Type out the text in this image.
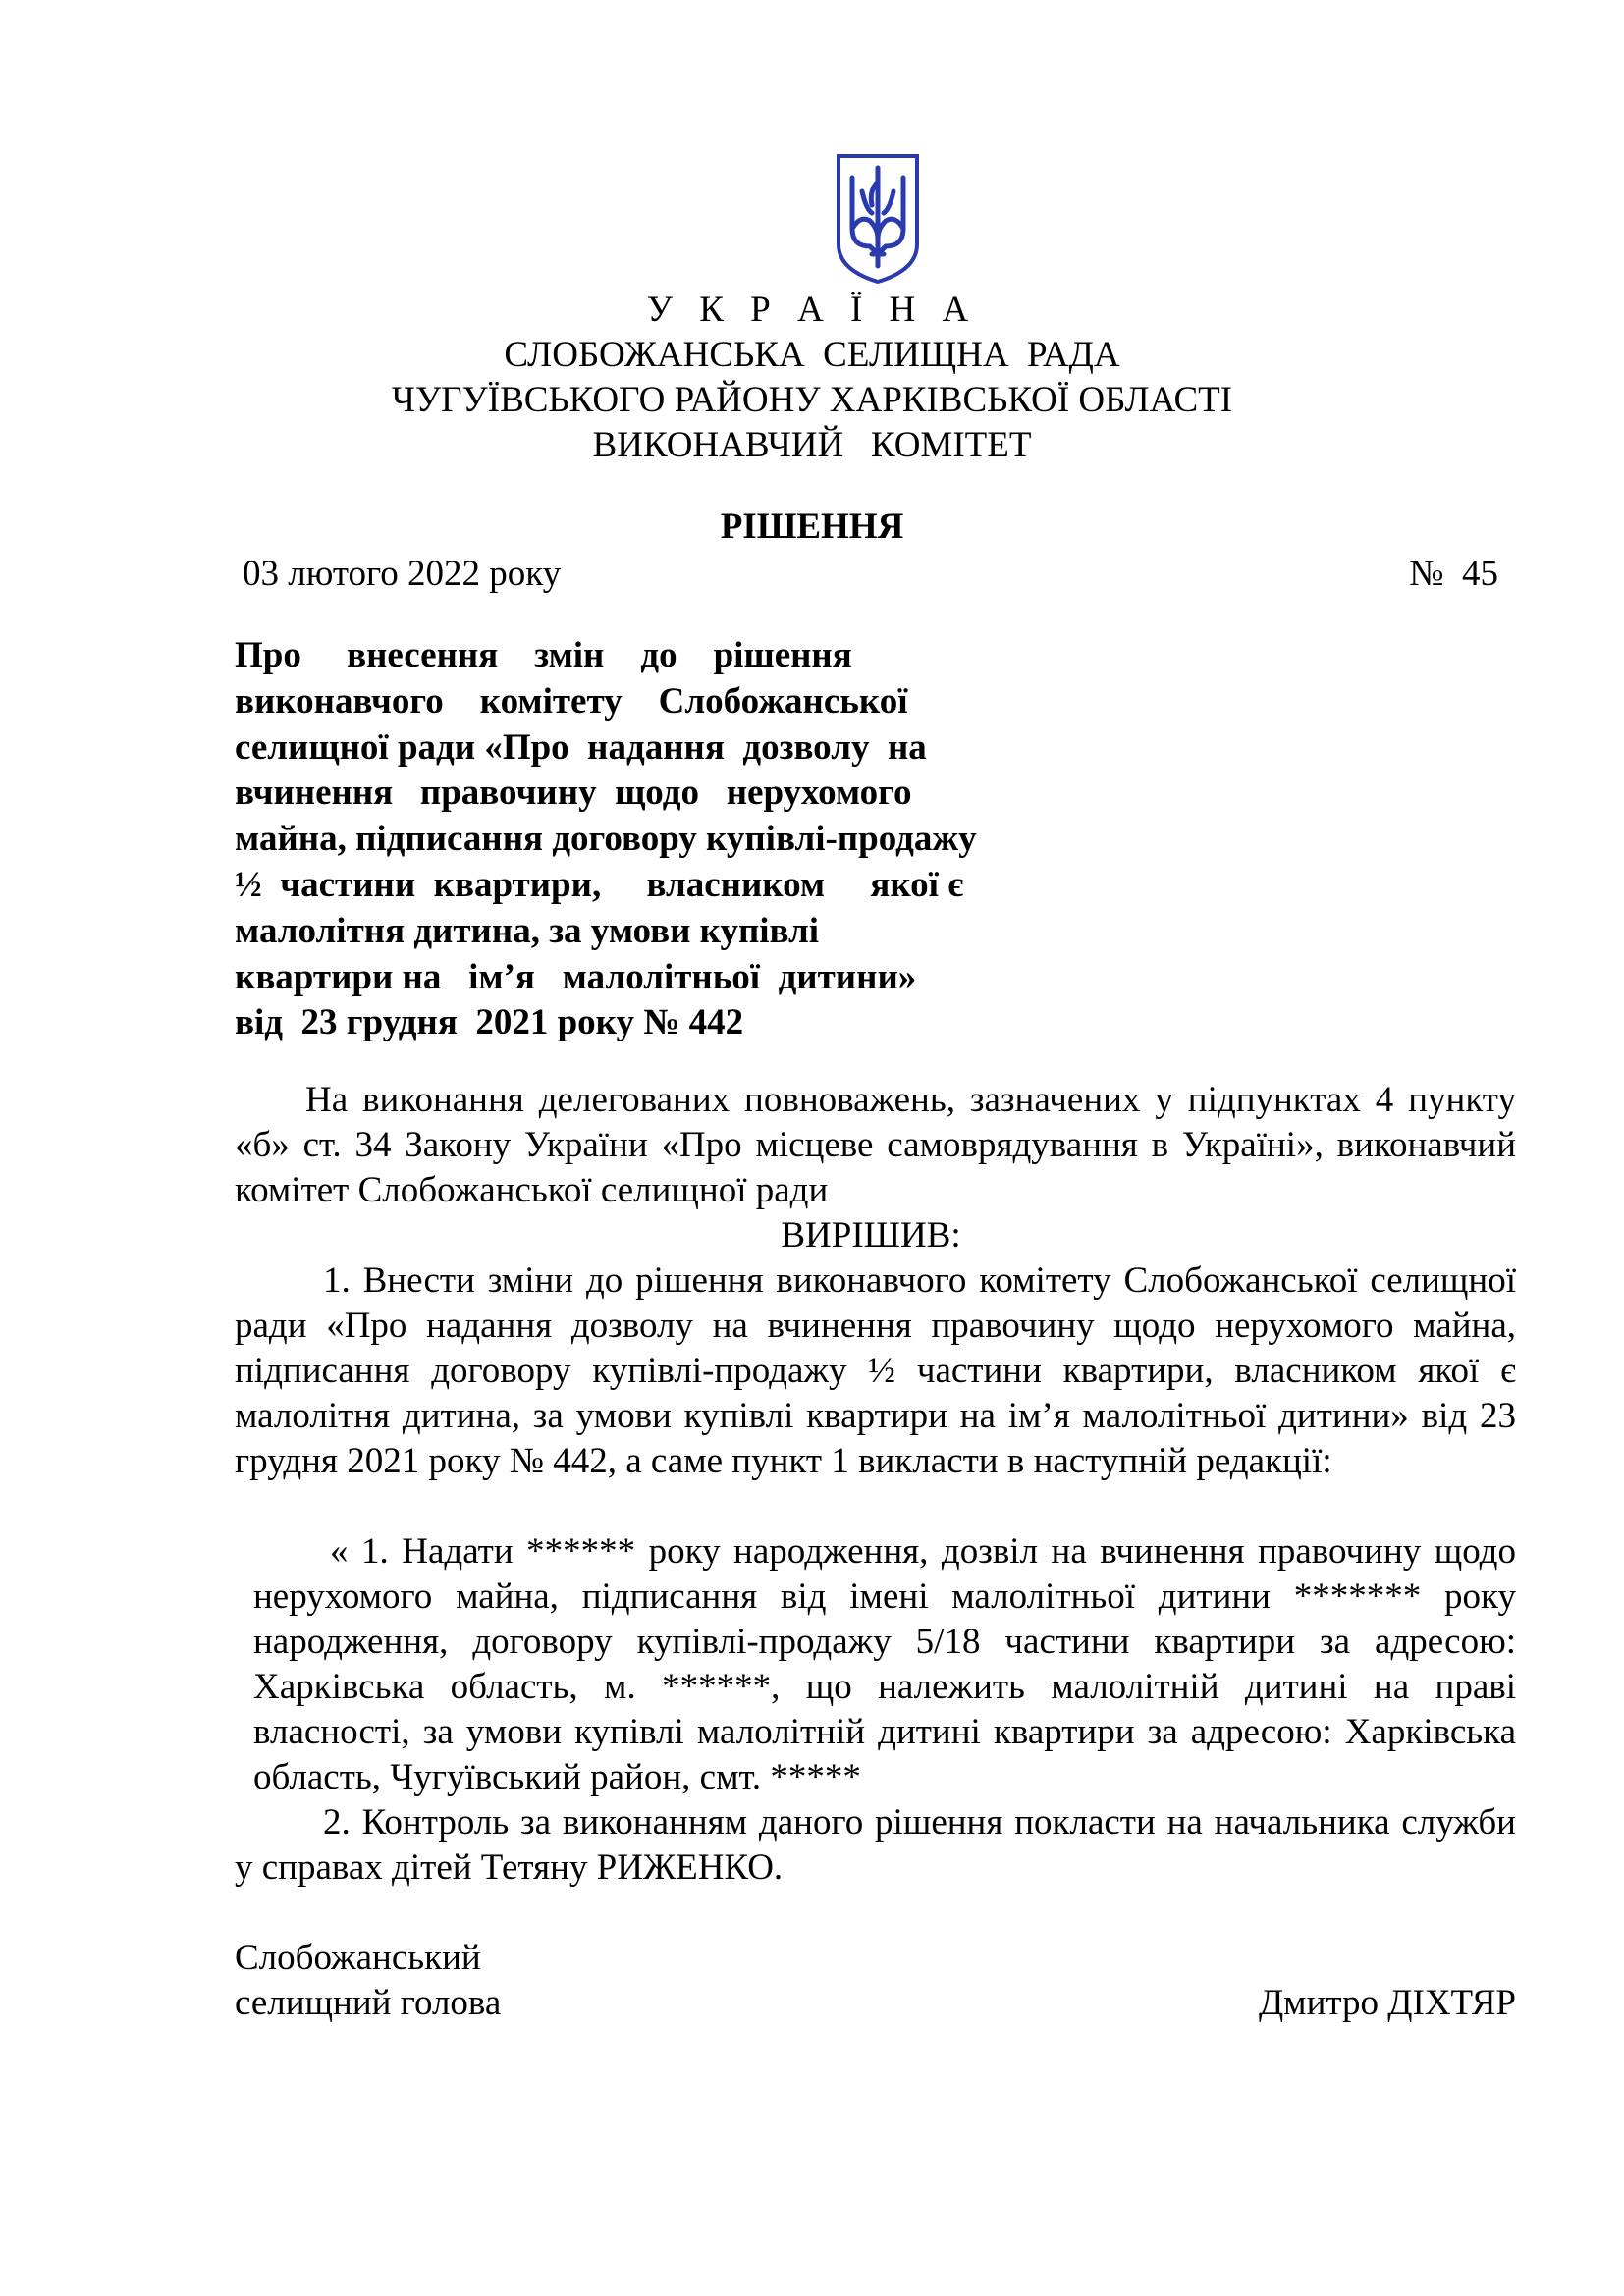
У К Р А Ї Н А
СЛОБОЖАНСЬКА  СЕЛИЩНА  РАДА
ЧУГУЇВСЬКОГО РАЙОНУ ХАРКІВСЬКОЇ ОБЛАСТІ
ВИКОНАВЧИЙ   КОМІТЕТ
РІШЕННЯ
03 лютого 2022 року	№  45
Про     внесення    змін    до    рішення
виконавчого    комітету    Слобожанської
селищної ради «Про  надання  дозволу  на
вчинення   правочину  щодо   нерухомого
майна, підписання договору купівлі-продажу
½  частини  квартири,     власником     якої є
малолітня дитина, за умови купівлі
квартири на   ім’я   малолітньої  дитини»
від  23 грудня  2021 року № 442

На виконання делегованих повноважень, зазначених у підпунктах 4 пункту «б» ст. 34 Закону України «Про місцеве самоврядування в Україні», виконавчий комітет Слобожанської селищної ради

ВИРІШИВ:

1. Внести зміни до рішення виконавчого комітету Слобожанської селищної ради «Про надання дозволу на вчинення правочину щодо нерухомого майна, підписання договору купівлі-продажу ½ частини квартири, власником якої є малолітня дитина, за умови купівлі квартири на ім’я малолітньої дитини» від 23 грудня 2021 року № 442, а саме пункт 1 викласти в наступній редакції:

« 1. Надати ****** року народження, дозвіл на вчинення правочину щодо нерухомого майна, підписання від імені малолітньої дитини ******* року народження, договору купівлі-продажу 5/18 частини квартири за адресою: Харківська область, м. ******, що належить малолітній дитині на праві власності, за умови купівлі малолітній дитині квартири за адресою: Харківська область, Чугуївський район, смт. *****

2. Контроль за виконанням даного рішення покласти на начальника служби у справах дітей Тетяну РИЖЕНКО.

Слобожанський
селищний голова	Дмитро ДІХТЯР
